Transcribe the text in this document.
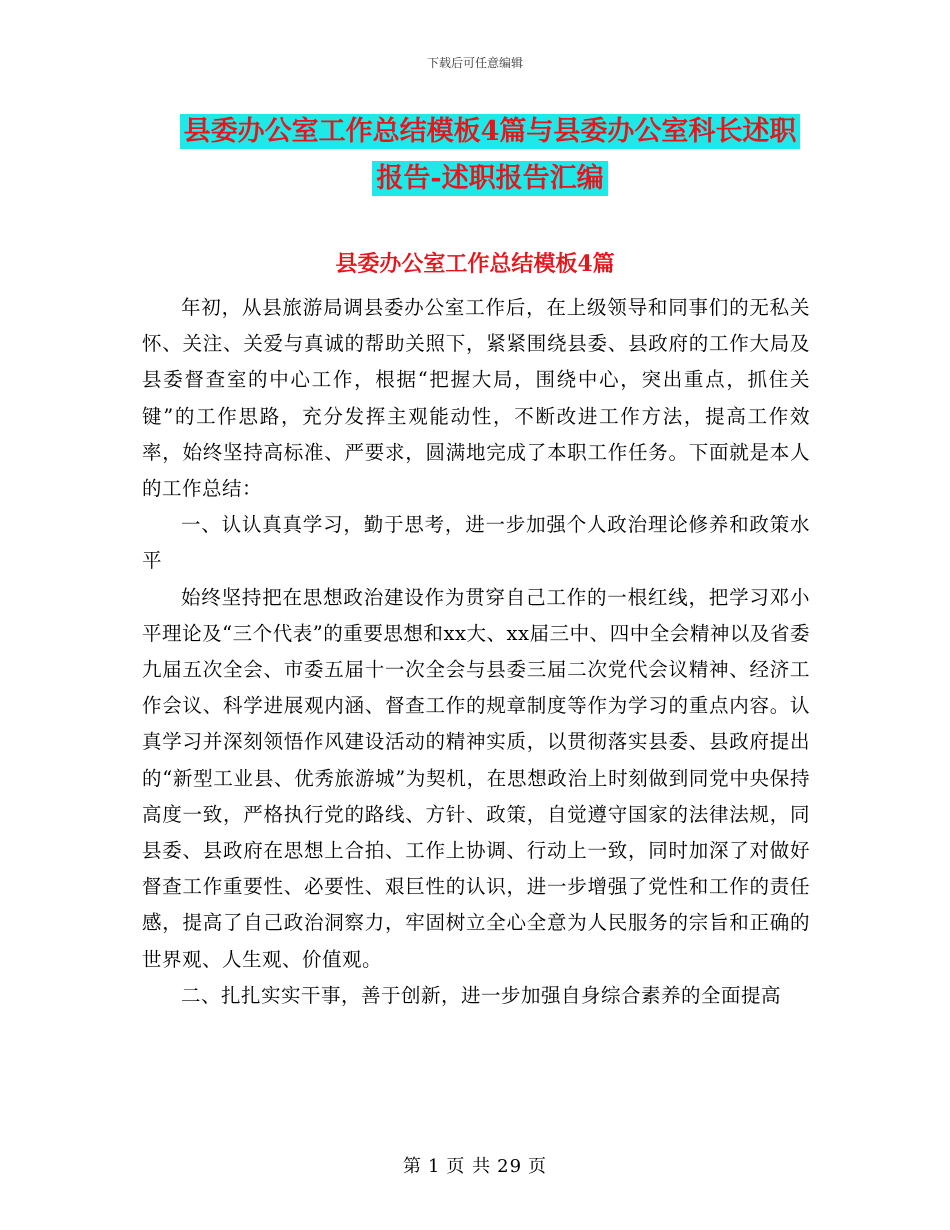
下载后可任意编辑
县委办公室工作总结模板4篇与县委办公室科长述职
报告-述职报告汇编
县委办公室工作总结模板4篇

年初，从县旅游局调县委办公室工作后，在上级领导和同事们的无私关怀、关注、关爱与真诚的帮助关照下，紧紧围绕县委、县政府的工作大局及县委督查室的中心工作，根据“把握大局，围绕中心，突出重点，抓住关键”的工作思路，充分发挥主观能动性，不断改进工作方法，提高工作效率，始终坚持高标准、严要求，圆满地完成了本职工作任务。下面就是本人的工作总结：

一、认认真真学习，勤于思考，进一步加强个人政治理论修养和政策水平

始终坚持把在思想政治建设作为贯穿自己工作的一根红线，把学习邓小平理论及“三个代表”的重要思想和xx大、xx届三中、四中全会精神以及省委九届五次全会、市委五届十一次全会与县委三届二次党代会议精神、经济工作会议、科学进展观内涵、督查工作的规章制度等作为学习的重点内容。认真学习并深刻领悟作风建设活动的精神实质，以贯彻落实县委、县政府提出的“新型工业县、优秀旅游城”为契机，在思想政治上时刻做到同党中央保持高度一致，严格执行党的路线、方针、政策，自觉遵守国家的法律法规，同县委、县政府在思想上合拍、工作上协调、行动上一致，同时加深了对做好督查工作重要性、必要性、艰巨性的认识，进一步增强了党性和工作的责任感，提高了自己政治洞察力，牢固树立全心全意为人民服务的宗旨和正确的世界观、人生观、价值观。

二、扎扎实实干事，善于创新，进一步加强自身综合素养的全面提高

第 1 页 共 29 页
